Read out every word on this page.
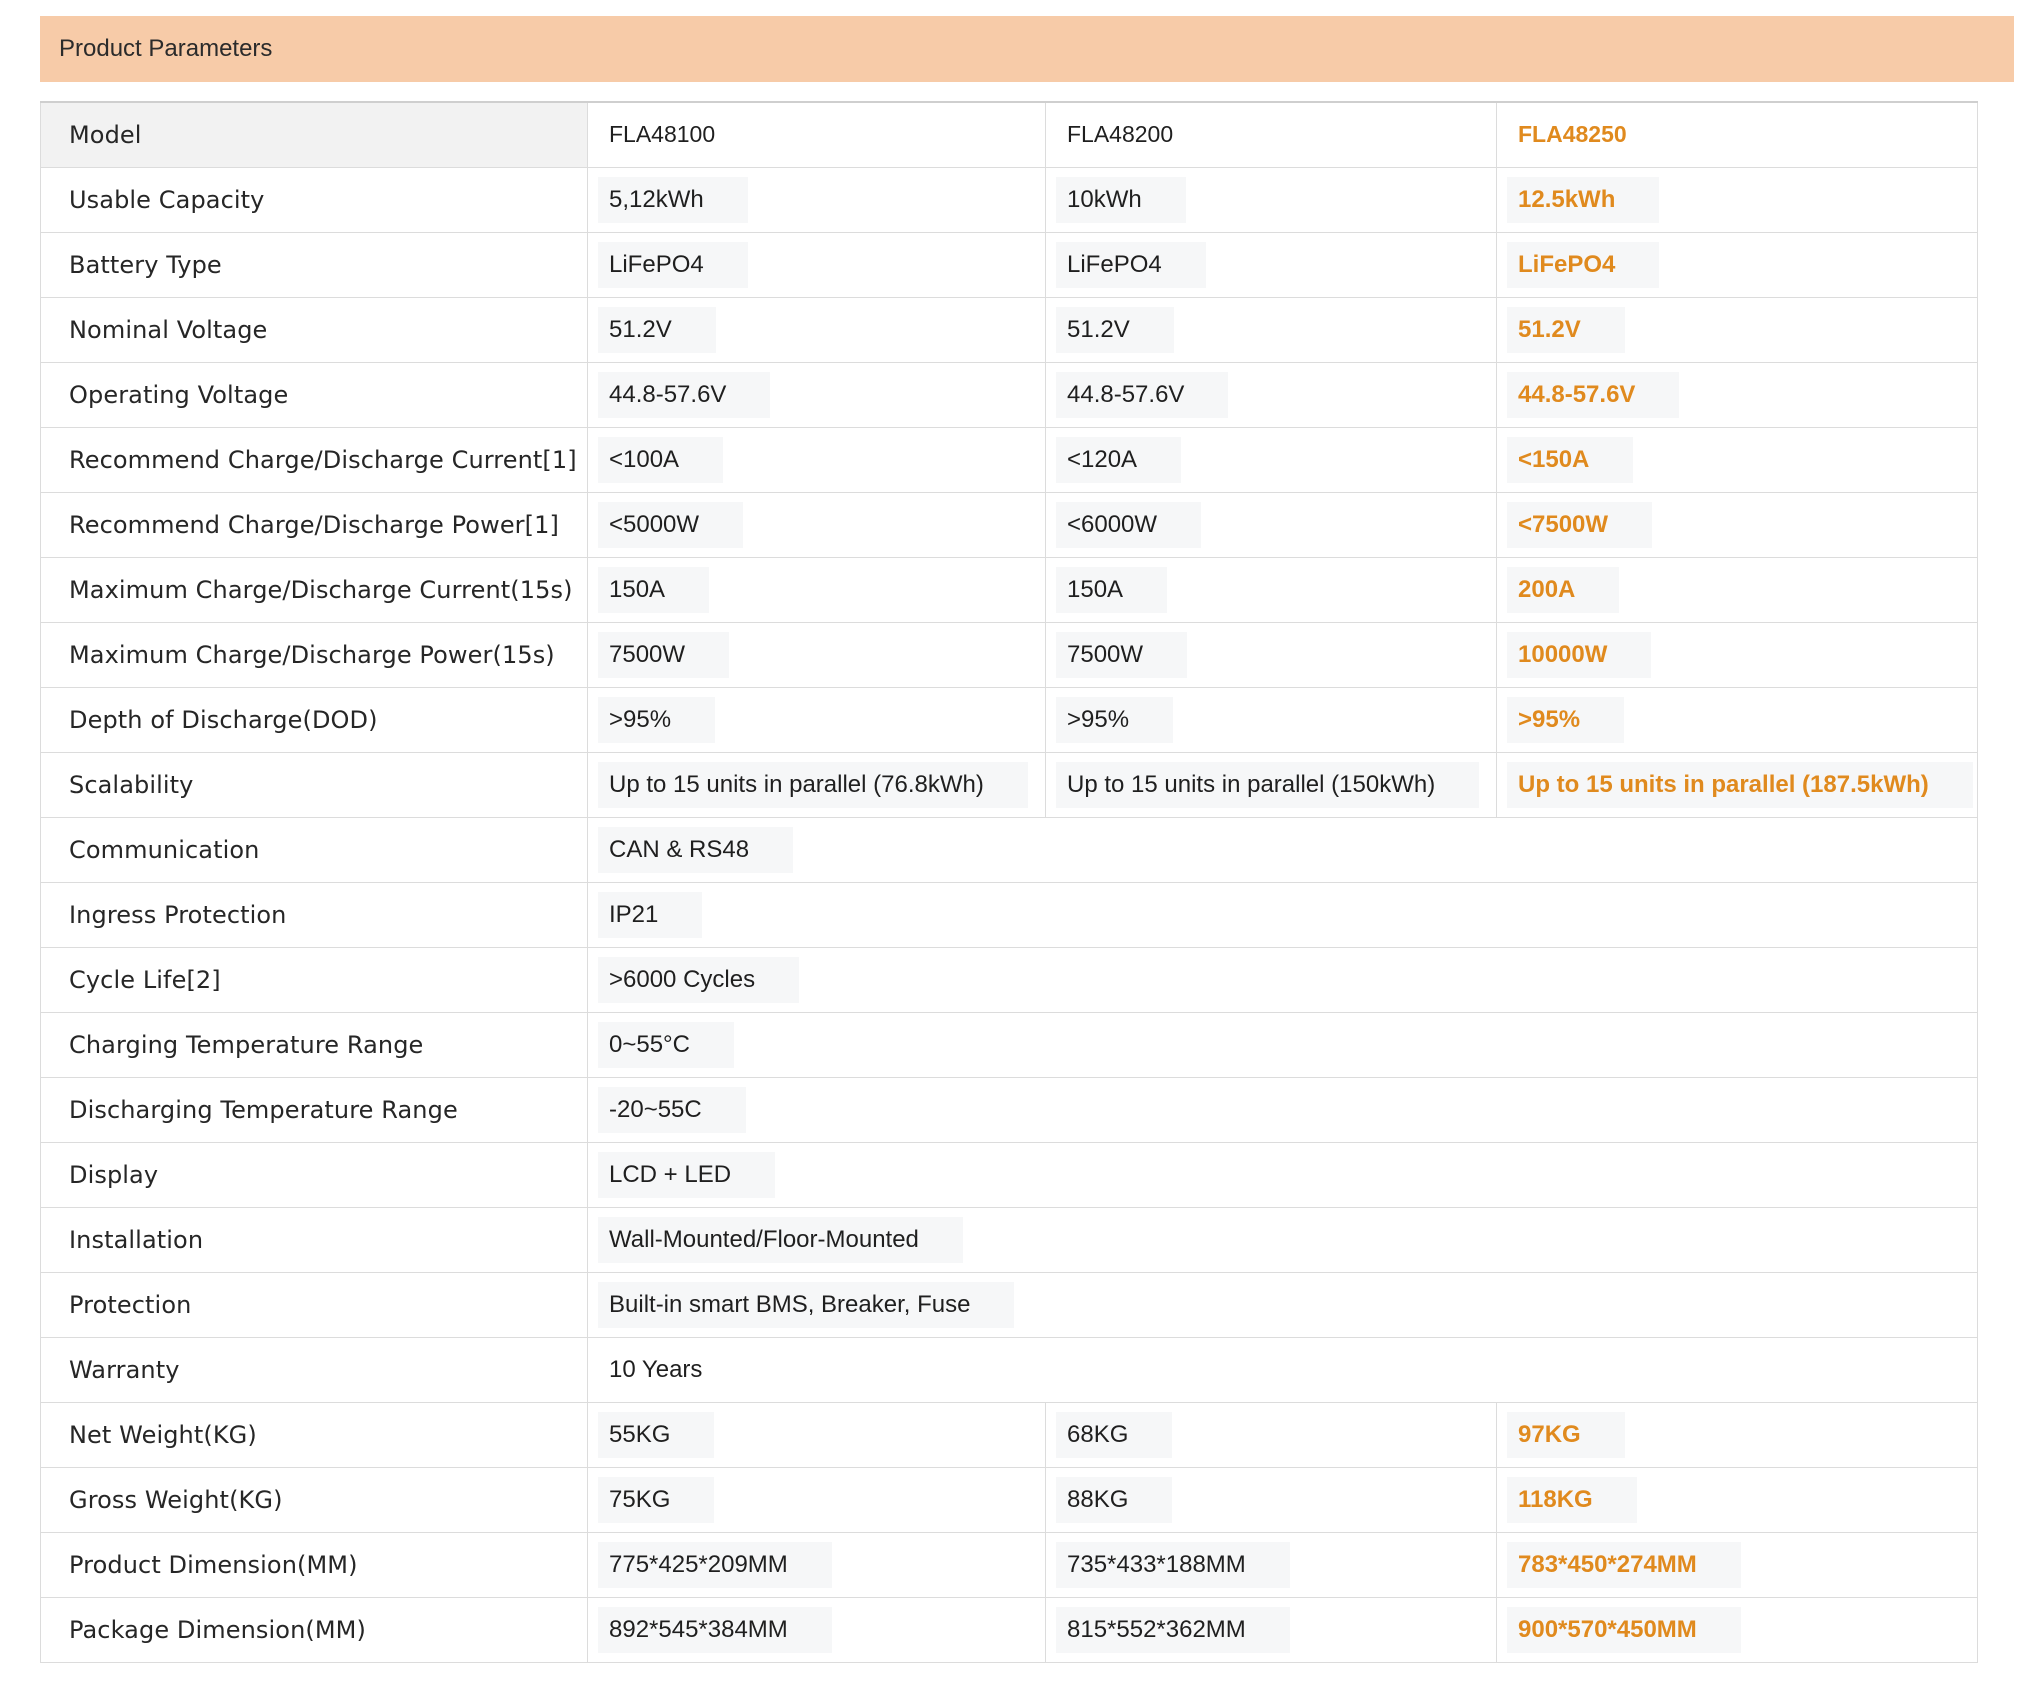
Product Parameters
Model	FLA48100	FLA48200	FLA48250
Usable Capacity	5,12kWh	10kWh	12.5kWh
Battery Type	LiFePO4	LiFePO4	LiFePO4
Nominal Voltage	51.2V	51.2V	51.2V
Operating Voltage	44.8-57.6V	44.8-57.6V	44.8-57.6V
Recommend Charge/Discharge Current[1]	<100A	<120A	<150A
Recommend Charge/Discharge Power[1]	<5000W	<6000W	<7500W
Maximum Charge/Discharge Current(15s)	150A	150A	200A
Maximum Charge/Discharge Power(15s)	7500W	7500W	10000W
Depth of Discharge(DOD)	>95%	>95%	>95%
Scalability	Up to 15 units in parallel (76.8kWh)	Up to 15 units in parallel (150kWh)	Up to 15 units in parallel (187.5kWh)
Communication	CAN & RS48		
Ingress Protection	IP21		
Cycle Life[2]	>6000 Cycles		
Charging Temperature Range	0~55°C		
Discharging Temperature Range	-20~55C		
Display	LCD + LED		
Installation	Wall-Mounted/Floor-Mounted		
Protection	Built-in smart BMS, Breaker, Fuse		
Warranty	10 Years		
Net Weight(KG)	55KG	68KG	97KG
Gross Weight(KG)	75KG	88KG	118KG
Product Dimension(MM)	775*425*209MM	735*433*188MM	783*450*274MM
Package Dimension(MM)	892*545*384MM	815*552*362MM	900*570*450MM
